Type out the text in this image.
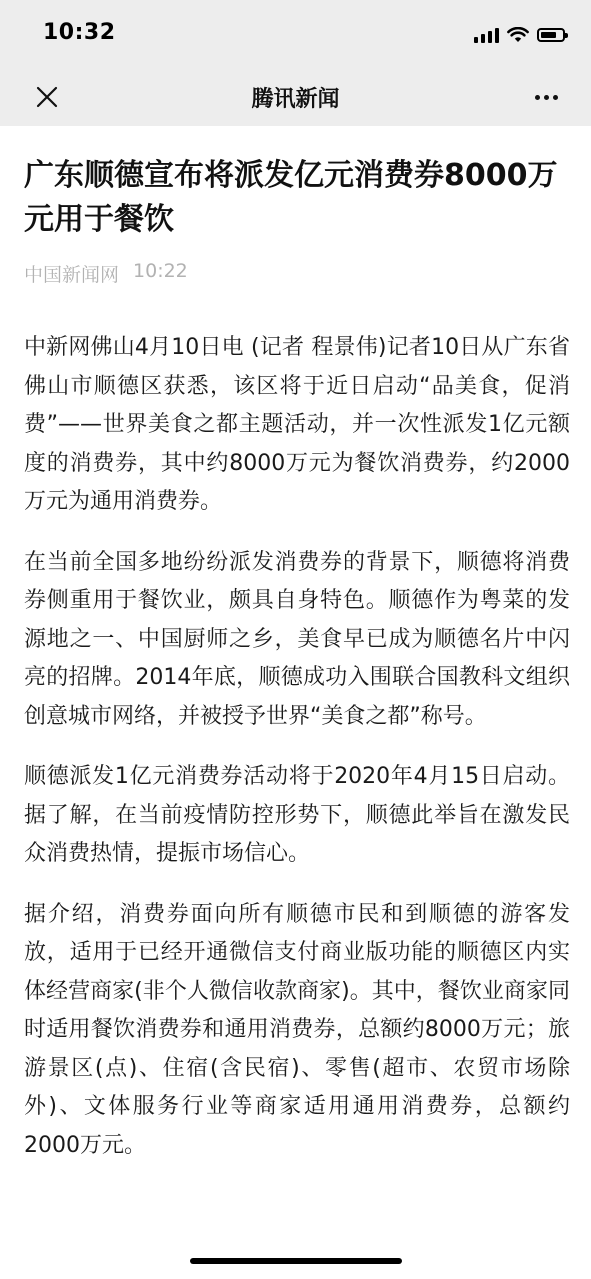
10:32
腾讯新闻
广东顺德宣布将派发亿元消费券8000万元用于餐饮
中国新闻网 10:22

中新网佛山4月10日电 (记者 程景伟)记者10日从广东省佛山市顺德区获悉，该区将于近日启动“品美食，促消费”——世界美食之都主题活动，并一次性派发1亿元额度的消费券，其中约8000万元为餐饮消费券，约2000万元为通用消费券。

在当前全国多地纷纷派发消费券的背景下，顺德将消费券侧重用于餐饮业，颇具自身特色。顺德作为粤菜的发源地之一、中国厨师之乡，美食早已成为顺德名片中闪亮的招牌。2014年底，顺德成功入围联合国教科文组织创意城市网络，并被授予世界“美食之都”称号。

顺德派发1亿元消费券活动将于2020年4月15日启动。据了解，在当前疫情防控形势下，顺德此举旨在激发民众消费热情，提振市场信心。

据介绍，消费券面向所有顺德市民和到顺德的游客发放，适用于已经开通微信支付商业版功能的顺德区内实体经营商家(非个人微信收款商家)。其中，餐饮业商家同时适用餐饮消费券和通用消费券，总额约8000万元；旅游景区(点)、住宿(含民宿)、零售(超市、农贸市场除外)、文体服务行业等商家适用通用消费券，总额约2000万元。
